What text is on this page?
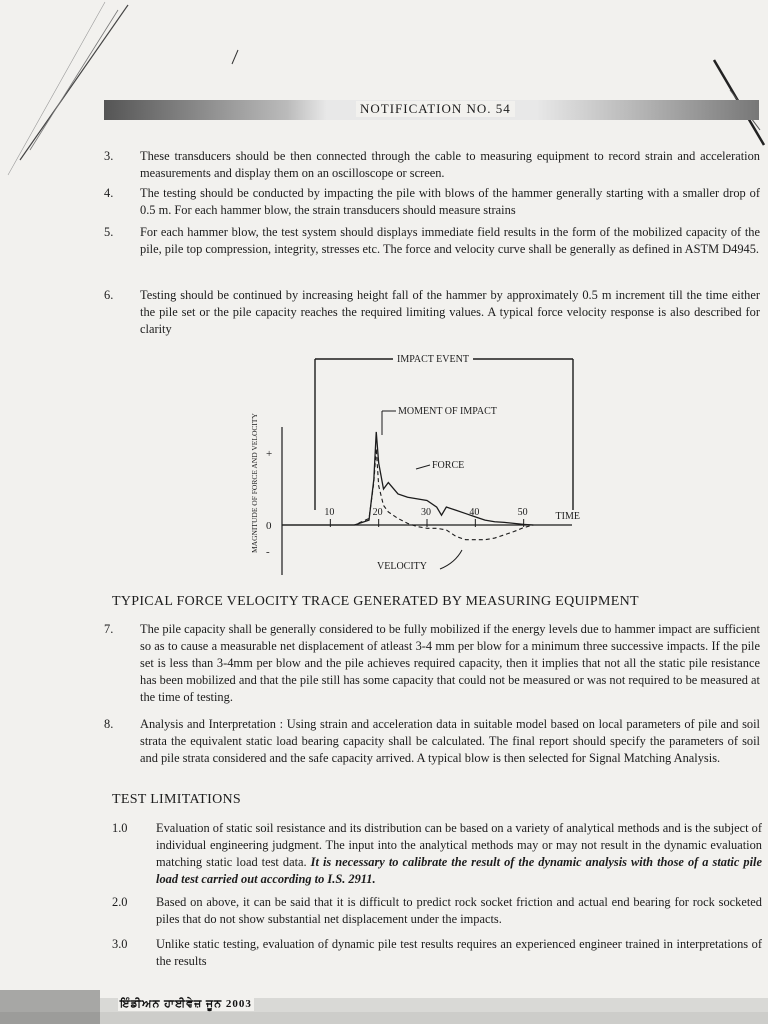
NOTIFICATION NO. 54
3.	These transducers should be then connected through the cable to measuring equipment to record strain and acceleration measurements and display them on an oscilloscope or screen.
4.	The testing should be conducted by impacting the pile with blows of the hammer generally starting with a smaller drop of 0.5 m. For each hammer blow, the strain transducers should measure strains
5.	For each hammer blow, the test system should displays immediate field results in the form of the mobilized capacity of the pile, pile top compression, integrity, stresses etc. The force and velocity curve shall be generally as defined in ASTM D4945.
6.	Testing should be continued by increasing height fall of the hammer by approximately 0.5 m increment till the time either the pile set or the pile capacity reaches the required limiting values. A typical force velocity response is also described for clarity
IMPACT EVENT
MOMENT OF IMPACT
FORCE
VELOCITY
TIME
MAGNITUDE OF FORCE AND VELOCITY +
0
-
10	20	30	40	50
TYPICAL FORCE VELOCITY TRACE GENERATED BY MEASURING EQUIPMENT
7.	The pile capacity shall be generally considered to be fully mobilized if the energy levels due to hammer impact are sufficient so as to cause a measurable net displacement of atleast 3-4 mm per blow for a minimum three successive impacts. If the pile set is less than 3-4mm per blow and the pile achieves required capacity, then it implies that not all the static pile resistance has been mobilized and that the pile still has some capacity that could not be measured or was not required to be measured at the time of testing.
8.	Analysis and Interpretation : Using strain and acceleration data in suitable model based on local parameters of pile and soil strata the equivalent static load bearing capacity shall be calculated. The final report should specify the parameters of soil and pile strata considered and the safe capacity arrived. A typical blow is then selected for Signal Matching Analysis.
TEST LIMITATIONS
1.0	Evaluation of static soil resistance and its distribution can be based on a variety of analytical methods and is the subject of individual engineering judgment. The input into the analytical methods may or may not result in the dynamic evaluation matching static load test data. It is necessary to calibrate the result of the dynamic analysis with those of a static pile load test carried out according to I.S. 2911.
2.0	Based on above, it can be said that it is difficult to predict rock socket friction and actual end bearing for rock socketed piles that do not show substantial net displacement under the impacts.
3.0	Unlike static testing, evaluation of dynamic pile test results requires an experienced engineer trained in interpretations of the results
ਇੰਡੀਅਨ ਹਾਈਵੇਜ਼ ਜੂਨ 2003
